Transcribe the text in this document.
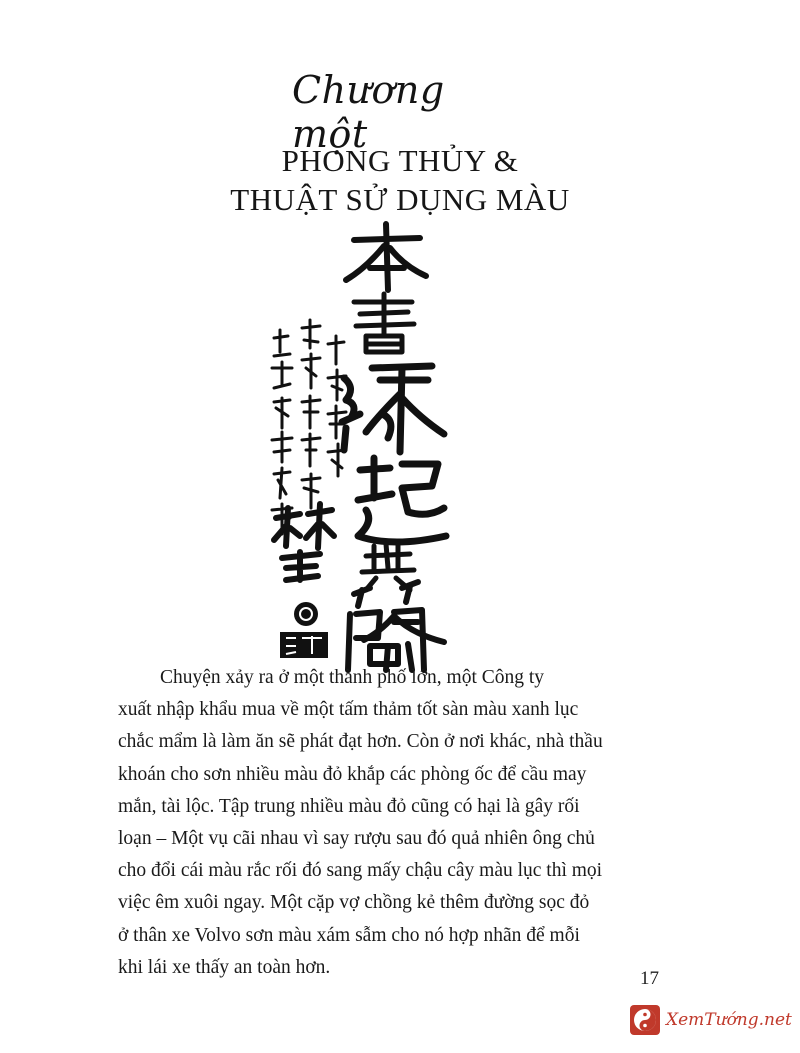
Chương một
PHONG THỦY &
THUẬT SỬ DỤNG MÀU
Chuyện xảy ra ở một thành phố lớn, một Công ty
xuất nhập khẩu mua về một tấm thảm tốt sàn màu xanh lục
chắc mẩm là làm ăn sẽ phát đạt hơn. Còn ở nơi khác, nhà thầu
khoán cho sơn nhiều màu đỏ khắp các phòng ốc để cầu may
mắn, tài lộc. Tập trung nhiều màu đỏ cũng có hại là gây rối
loạn – Một vụ cãi nhau vì say rượu sau đó quả nhiên ông chủ
cho đổi cái màu rắc rối đó sang mấy chậu cây màu lục thì mọi
việc êm xuôi ngay. Một cặp vợ chồng kẻ thêm đường sọc đỏ
ở thân xe Volvo sơn màu xám sẫm cho nó hợp nhãn để mỗi
khi lái xe thấy an toàn hơn.
17
XemTướng.net
